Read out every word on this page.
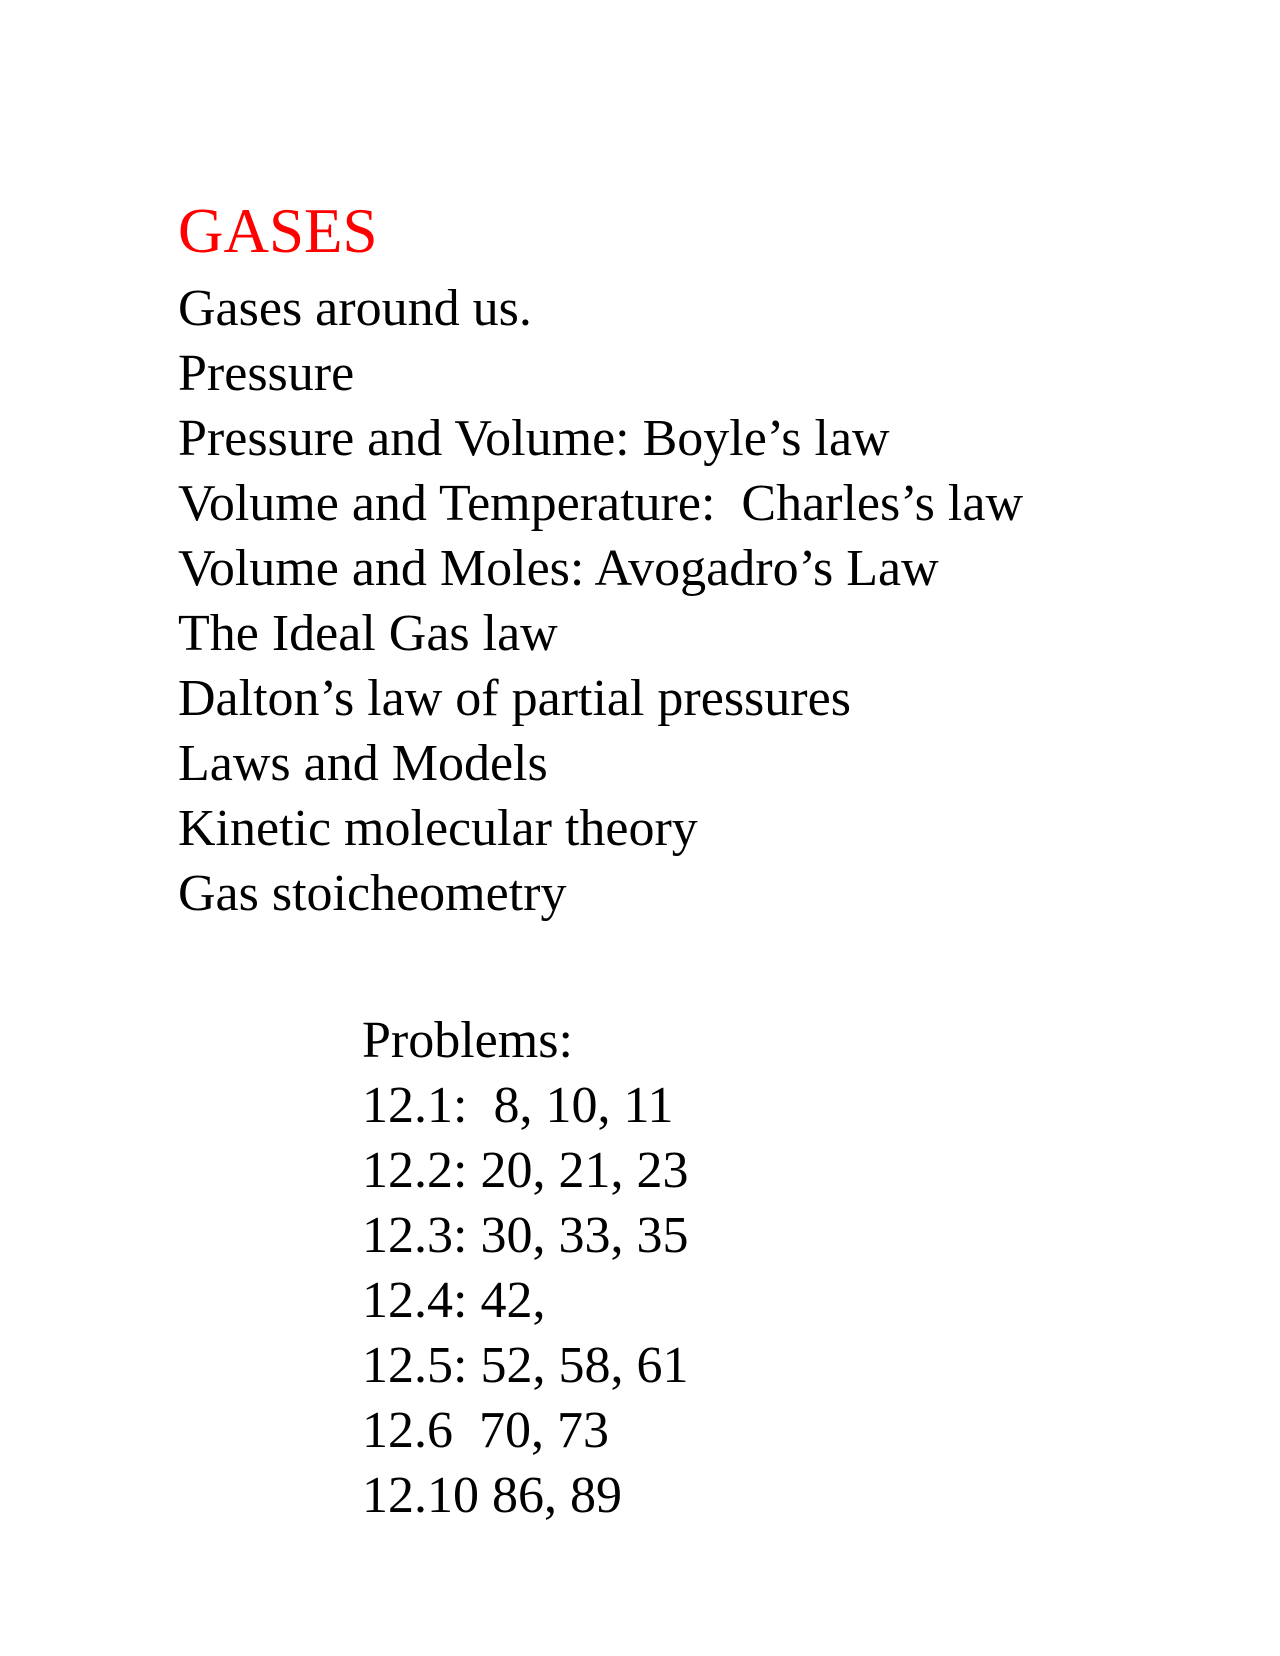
GASES
Gases around us.
Pressure
Pressure and Volume: Boyle’s law
Volume and Temperature:  Charles’s law
Volume and Moles: Avogadro’s Law
The Ideal Gas law
Dalton’s law of partial pressures
Laws and Models
Kinetic molecular theory
Gas stoicheometry
Problems:
12.1:  8, 10, 11
12.2: 20, 21, 23
12.3: 30, 33, 35
12.4: 42,
12.5: 52, 58, 61
12.6  70, 73
12.10 86, 89
